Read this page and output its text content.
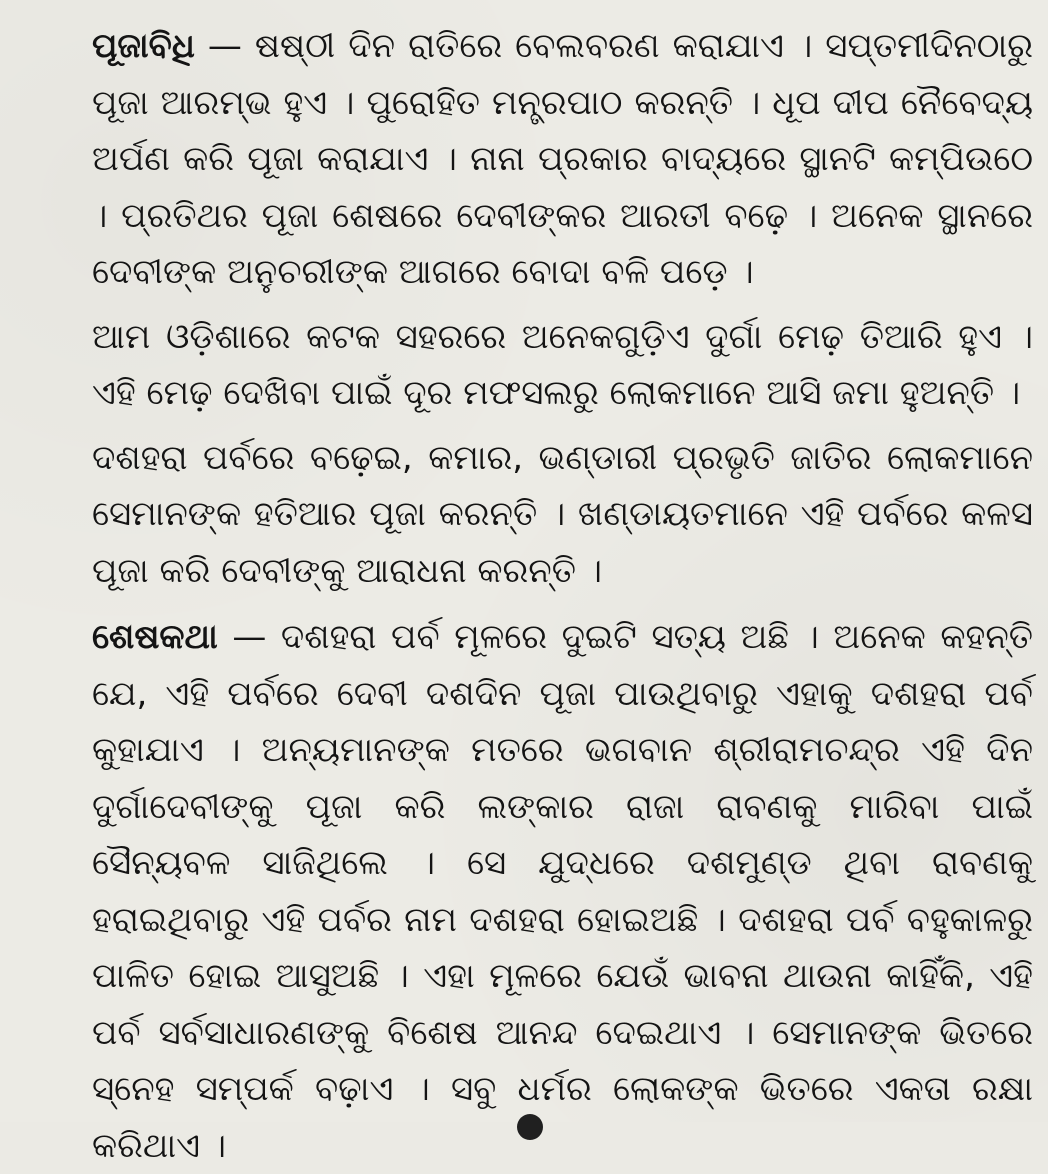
ପୂଜାବିଧି — ଷଷ୍ଠୀ ଦିନ ରାତିରେ ବେଲବରଣ କରାଯାଏ । ସପ୍ତମୀଦିନଠାରୁ ପୂଜା ଆରମ୍ଭ ହୁଏ । ପୁରୋହିତ ମନ୍ତ୍ରପାଠ କରନ୍ତି । ଧୂପ ଦୀପ ନୈବେଦ୍ୟ ଅର୍ପଣ କରି ପୂଜା କରାଯାଏ । ନାନା ପ୍ରକାର ବାଦ୍ୟରେ ସ୍ଥାନଟି କମ୍ପିଉଠେ । ପ୍ରତିଥର ପୂଜା ଶେଷରେ ଦେବୀଙ୍କର ଆରତୀ ବଢ଼େ । ଅନେକ ସ୍ଥାନରେ ଦେବୀଙ୍କ ଅନୁଚରୀଙ୍କ ଆଗରେ ବୋଦା ବଳି ପଡ଼େ ।

ଆମ ଓଡ଼ିଶାରେ କଟକ ସହରରେ ଅନେକଗୁଡ଼ିଏ ଦୁର୍ଗା ମେଢ଼ ତିଆରି ହୁଏ । ଏହି ମେଢ଼ ଦେଖିବା ପାଇଁ ଦୂର ମଫସଲରୁ ଲୋକମାନେ ଆସି ଜମା ହୁଅନ୍ତି ।

ଦଶହରା ପର୍ବରେ ବଢ଼େଇ, କମାର, ଭଣ୍ଡାରୀ ପ୍ରଭୃତି ଜାତିର ଲୋକମାନେ ସେମାନଙ୍କ ହତିଆର ପୂଜା କରନ୍ତି । ଖଣ୍ଡାୟତମାନେ ଏହି ପର୍ବରେ କଳସ ପୂଜା କରି ଦେବୀଙ୍କୁ ଆରାଧନା କରନ୍ତି ।

ଶେଷକଥା — ଦଶହରା ପର୍ବ ମୂଳରେ ଦୁଇଟି ସତ୍ୟ ଅଛି । ଅନେକ କହନ୍ତି ଯେ, ଏହି ପର୍ବରେ ଦେବୀ ଦଶଦିନ ପୂଜା ପାଉଥିବାରୁ ଏହାକୁ ଦଶହରା ପର୍ବ କୁହାଯାଏ । ଅନ୍ୟମାନଙ୍କ ମତରେ ଭଗବାନ ଶ୍ରୀରାମଚନ୍ଦ୍ର ଏହି ଦିନ ଦୁର୍ଗାଦେବୀଙ୍କୁ ପୂଜା କରି ଲଙ୍କାର ରାଜା ରାବଣକୁ ମାରିବା ପାଇଁ ସୈନ୍ୟବଳ ସାଜିଥିଲେ । ସେ ଯୁଦ୍ଧରେ ଦଶମୁଣ୍ଡ ଥିବା ରାବଣକୁ ହରାଇଥିବାରୁ ଏହି ପର୍ବର ନାମ ଦଶହରା ହୋଇଅଛି । ଦଶହରା ପର୍ବ ବହୁକାଳରୁ ପାଳିତ ହୋଇ ଆସୁଅଛି । ଏହା ମୂଳରେ ଯେଉଁ ଭାବନା ଥାଉନା କାହିଁକି, ଏହି ପର୍ବ ସର୍ବସାଧାରଣଙ୍କୁ ବିଶେଷ ଆନନ୍ଦ ଦେଇଥାଏ । ସେମାନଙ୍କ ଭିତରେ ସ୍ନେହ ସମ୍ପର୍କ ବଢ଼ାଏ । ସବୁ ଧର୍ମର ଲୋକଙ୍କ ଭିତରେ ଏକତା ରକ୍ଷା କରିଥାଏ ।
